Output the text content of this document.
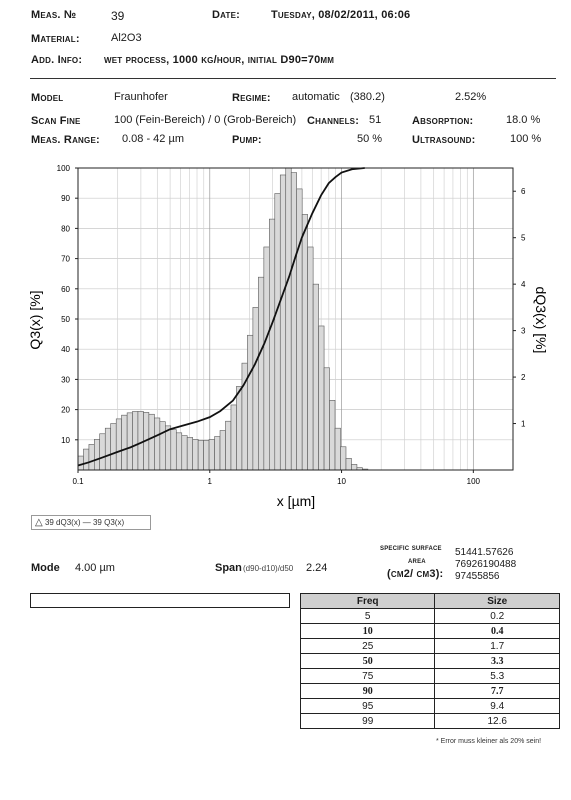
Meas. №	39	Date:	Tuesday, 08/02/2011, 06:06
Material:	Al2O3
Add. Info: wet process, 1000 kg/hour, initial D90=70µm
Model	Fraunhofer	Regime: automatic (380.2)	2.52%
Scan Fine	100 (Fein-Bereich) / 0 (Grob-Bereich) Channels: 51	Absorption:	18.0 %
Meas. Range: 0.08 - 42 µm	Pump:	50 %	Ultrasound:	100 %
10
20
30
40
50
60
70
80
90
100
1
2
3
4
5
6
0.1	1	10	100
Q3(x) [%]	dQ3(x) [%]
x [µm]
△ 39 dQ3(x) — 39 Q3(x)
Mode 4.00 µm	Span (d90-d10)/d50 2.24
specific surface
area
(cm2/ cm3):
51441.57626
76926190488
97455856
Freq	Size
5	0.2
10	0.4
25	1.7
50	3.3
75	5.3
90	7.7
95	9.4
99	12.6
* Error muss kleiner als 20% sein!
